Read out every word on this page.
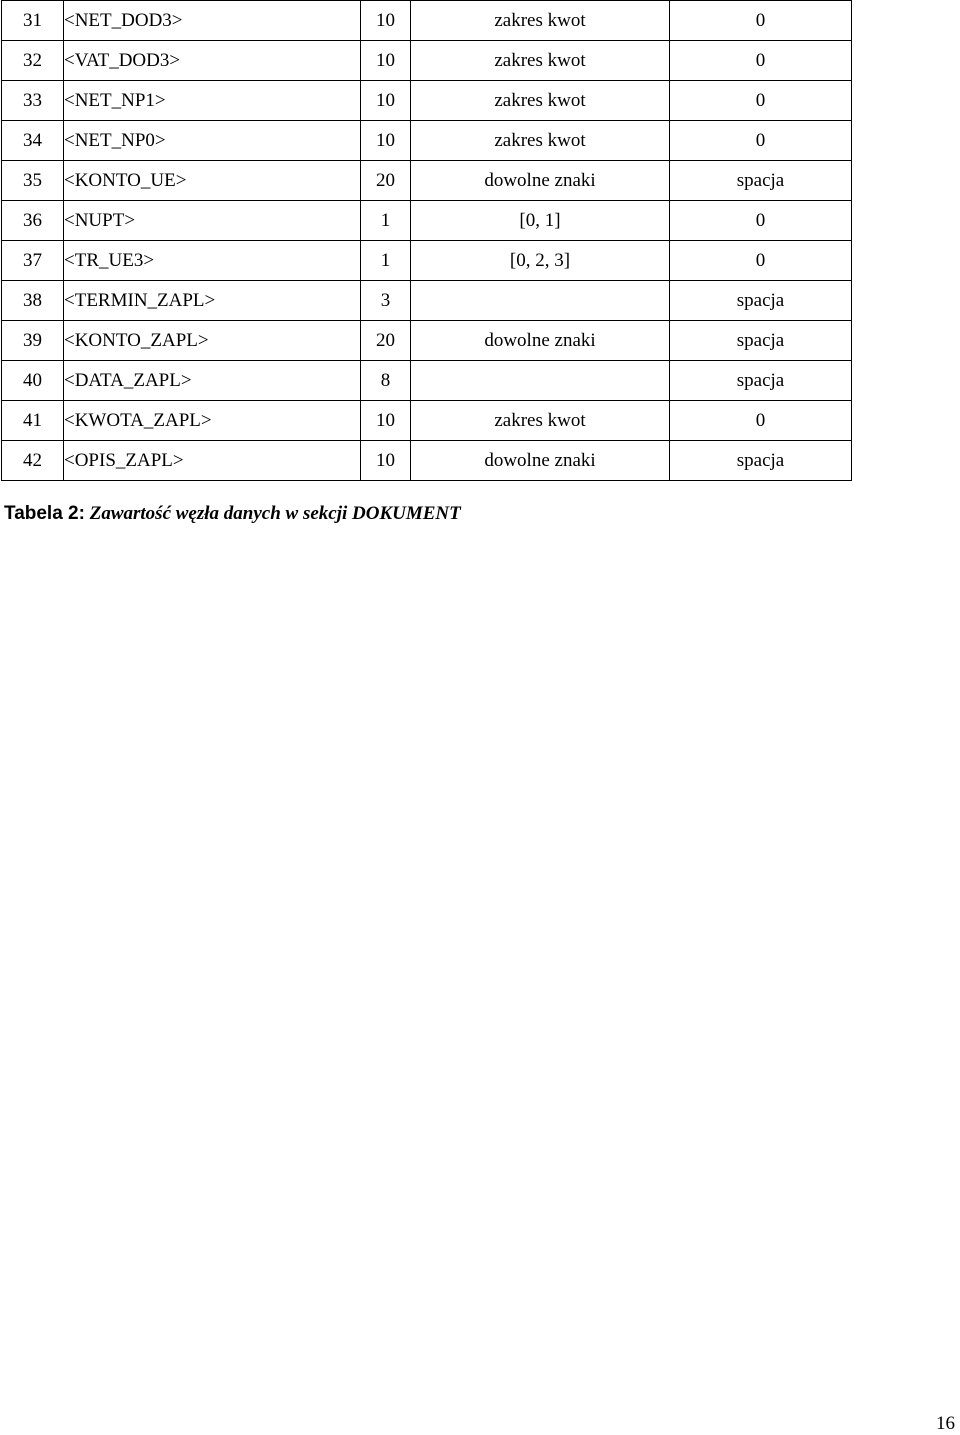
31	<NET_DOD3>	10	zakres kwot	0
32	<VAT_DOD3>	10	zakres kwot	0
33	<NET_NP1>	10	zakres kwot	0
34	<NET_NP0>	10	zakres kwot	0
35	<KONTO_UE>	20	dowolne znaki	spacja
36	<NUPT>	1	[0, 1]	0
37	<TR_UE3>	1	[0, 2, 3]	0
38	<TERMIN_ZAPL>	3		spacja
39	<KONTO_ZAPL>	20	dowolne znaki	spacja
40	<DATA_ZAPL>	8		spacja
41	<KWOTA_ZAPL>	10	zakres kwot	0
42	<OPIS_ZAPL>	10	dowolne znaki	spacja
Tabela 2: Zawartość węzła danych w sekcji DOKUMENT
16
